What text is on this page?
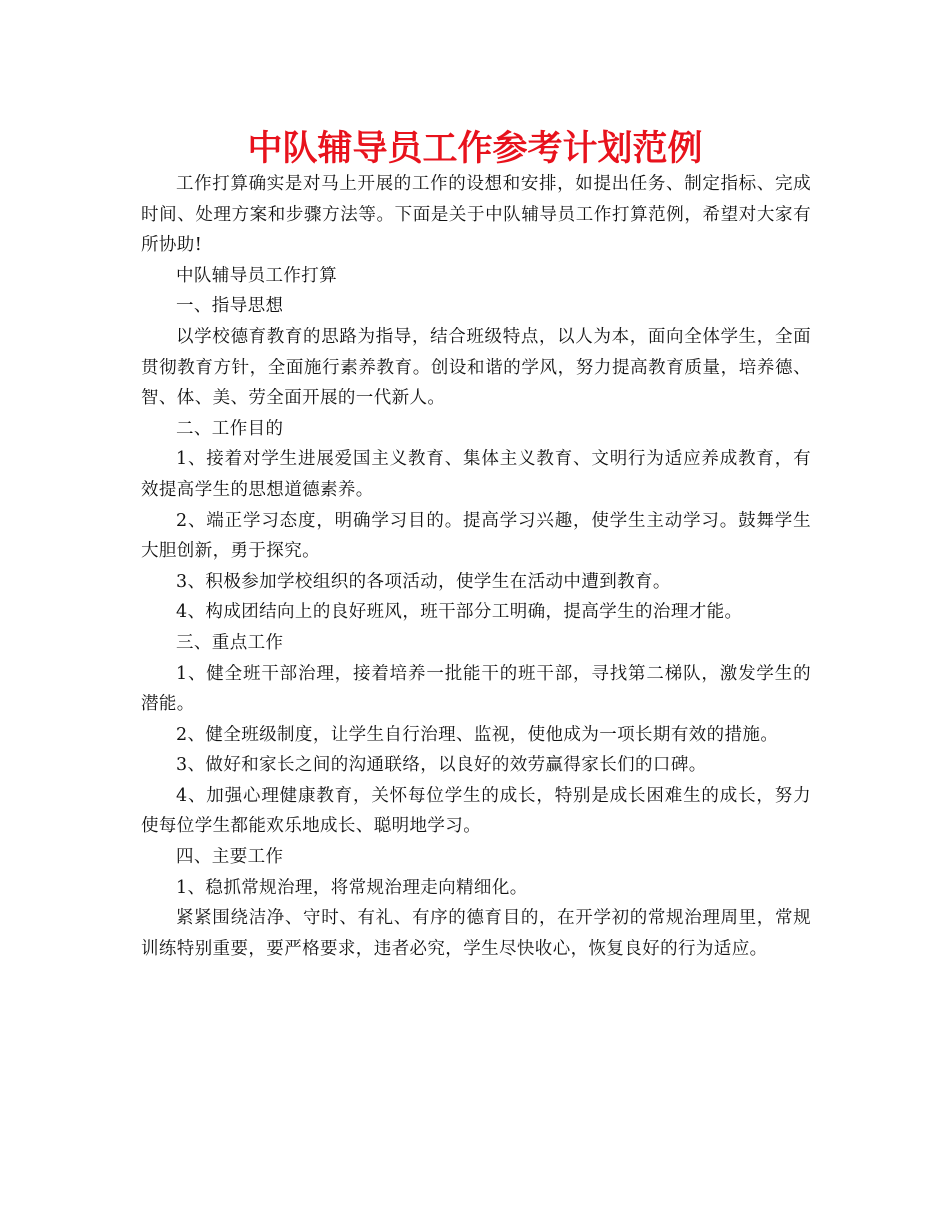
中队辅导员工作参考计划范例

工作打算确实是对马上开展的工作的设想和安排，如提出任务、制定指标、完成时间、处理方案和步骤方法等。下面是关于中队辅导员工作打算范例，希望对大家有所协助!

中队辅导员工作打算

一、指导思想

以学校德育教育的思路为指导，结合班级特点，以人为本，面向全体学生，全面贯彻教育方针，全面施行素养教育。创设和谐的学风，努力提高教育质量，培养德、智、体、美、劳全面开展的一代新人。

二、工作目的

1、接着对学生进展爱国主义教育、集体主义教育、文明行为适应养成教育，有效提高学生的思想道德素养。

2、端正学习态度，明确学习目的。提高学习兴趣，使学生主动学习。鼓舞学生大胆创新，勇于探究。

3、积极参加学校组织的各项活动，使学生在活动中遭到教育。

4、构成团结向上的良好班风，班干部分工明确，提高学生的治理才能。

三、重点工作

1、健全班干部治理，接着培养一批能干的班干部，寻找第二梯队，激发学生的潜能。

2、健全班级制度，让学生自行治理、监视，使他成为一项长期有效的措施。

3、做好和家长之间的沟通联络，以良好的效劳赢得家长们的口碑。

4、加强心理健康教育，关怀每位学生的成长，特别是成长困难生的成长，努力使每位学生都能欢乐地成长、聪明地学习。

四、主要工作

1、稳抓常规治理，将常规治理走向精细化。

紧紧围绕洁净、守时、有礼、有序的德育目的，在开学初的常规治理周里，常规训练特别重要，要严格要求，违者必究，学生尽快收心，恢复良好的行为适应。
